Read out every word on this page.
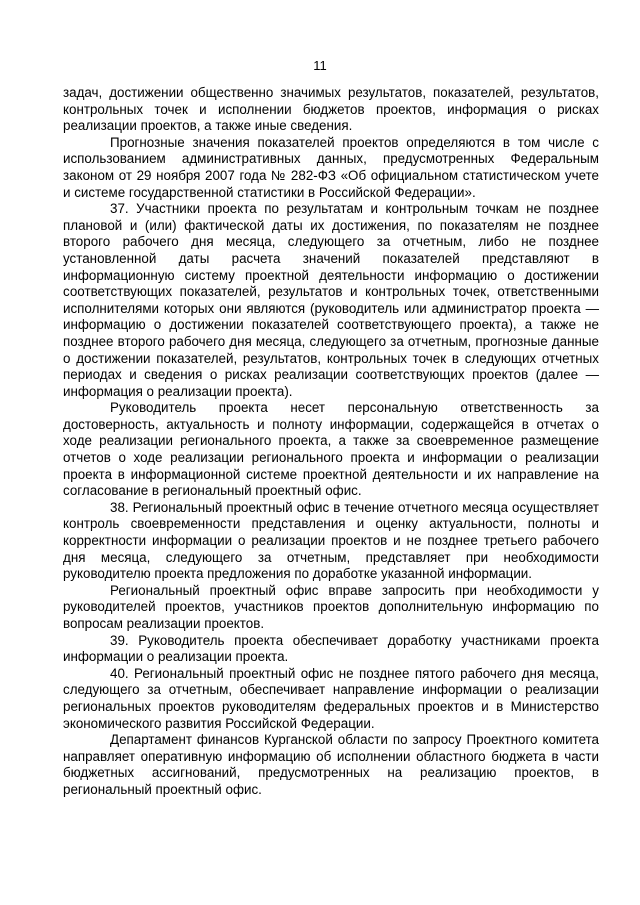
11

задач, достижении общественно значимых результатов, показателей, результатов, контрольных точек и исполнении бюджетов проектов, информация о рисках реализации проектов, а также иные сведения.

Прогнозные значения показателей проектов определяются в том числе с использованием административных данных, предусмотренных Федеральным законом от 29 ноября 2007 года № 282-ФЗ «Об официальном статистическом учете и системе государственной статистики в Российской Федерации».

37. Участники проекта по результатам и контрольным точкам не позднее плановой и (или) фактической даты их достижения, по показателям не позднее второго рабочего дня месяца, следующего за отчетным, либо не позднее установленной даты расчета значений показателей представляют в информационную систему проектной деятельности информацию о достижении соответствующих показателей, результатов и контрольных точек, ответственными исполнителями которых они являются (руководитель или администратор проекта — информацию о достижении показателей соответствующего проекта), а также не позднее второго рабочего дня месяца, следующего за отчетным, прогнозные данные о достижении показателей, результатов, контрольных точек в следующих отчетных периодах и сведения о рисках реализации соответствующих проектов (далее — информация о реализации проекта).

Руководитель проекта несет персональную ответственность за достоверность, актуальность и полноту информации, содержащейся в отчетах о ходе реализации регионального проекта, а также за своевременное размещение отчетов о ходе реализации регионального проекта и информации о реализации проекта в информационной системе проектной деятельности и их направление на согласование в региональный проектный офис.

38. Региональный проектный офис в течение отчетного месяца осуществляет контроль своевременности представления и оценку актуальности, полноты и корректности информации о реализации проектов и не позднее третьего рабочего дня месяца, следующего за отчетным, представляет при необходимости руководителю проекта предложения по доработке указанной информации.

Региональный проектный офис вправе запросить при необходимости у руководителей проектов, участников проектов дополнительную информацию по вопросам реализации проектов.

39. Руководитель проекта обеспечивает доработку участниками проекта информации о реализации проекта.

40. Региональный проектный офис не позднее пятого рабочего дня месяца, следующего за отчетным, обеспечивает направление информации о реализации региональных проектов руководителям федеральных проектов и в Министерство экономического развития Российской Федерации.

Департамент финансов Курганской области по запросу Проектного комитета направляет оперативную информацию об исполнении областного бюджета в части бюджетных ассигнований, предусмотренных на реализацию проектов, в региональный проектный офис.
